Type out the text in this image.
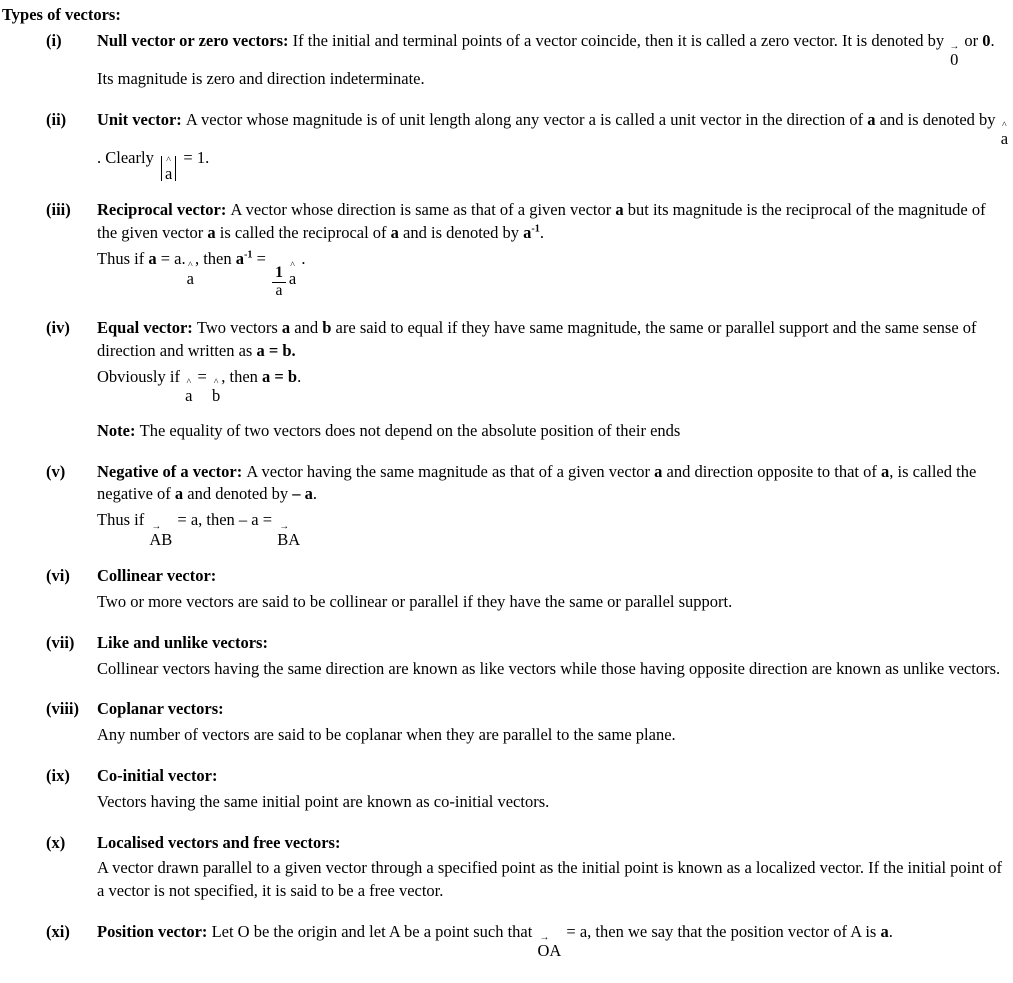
Types of vectors:
(i)	Null vector or zero vectors: If the initial and terminal points of a vector coincide, then it is called a zero vector. It is denoted by →
0
or 0. Its magnitude is zero and direction indeterminate.

(ii)	Unit vector: A vector whose magnitude is of unit length along any vector a is called a unit vector in the direction of a and is denoted by ^
a
. Clearly ^
a
= 1.

(iii)	Reciprocal vector: A vector whose direction is same as that of a given vector a but its magnitude is the reciprocal of the magnitude of the given vector a is called the reciprocal of a and is denoted by $a^{-1}$.

Thus if a = a. ^
a
, then $a^{-1}$ =
$\frac{1}{a}$
^
a
.

(iv)	Equal vector: Two vectors a and b are said to equal if they have same magnitude, the same or parallel support and the same sense of direction and written as a = b.

Obviously if ^
a
= ^
b
, then a = b.

Note: The equality of two vectors does not depend on the absolute position of their ends

(v)	Negative of a vector: A vector having the same magnitude as that of a given vector a and direction opposite to that of a, is called the negative of a and denoted by – a.

Thus if →
AB
= a, then – a = →
BA

(vi)	Collinear vector:

Two or more vectors are said to be collinear or parallel if they have the same or parallel support.

(vii)	Like and unlike vectors:

Collinear vectors having the same direction are known as like vectors while those having opposite direction are known as unlike vectors.

(viii)	Coplanar vectors:

Any number of vectors are said to be coplanar when they are parallel to the same plane.

(ix)	Co-initial vector:

Vectors having the same initial point are known as co-initial vectors.

(x)	Localised vectors and free vectors:

A vector drawn parallel to a given vector through a specified point as the initial point is known as a localized vector. If the initial point of a vector is not specified, it is said to be a free vector.

(xi)	Position vector: Let O be the origin and let A be a point such that →
OA
= a, then we say that the position vector of A is a.
